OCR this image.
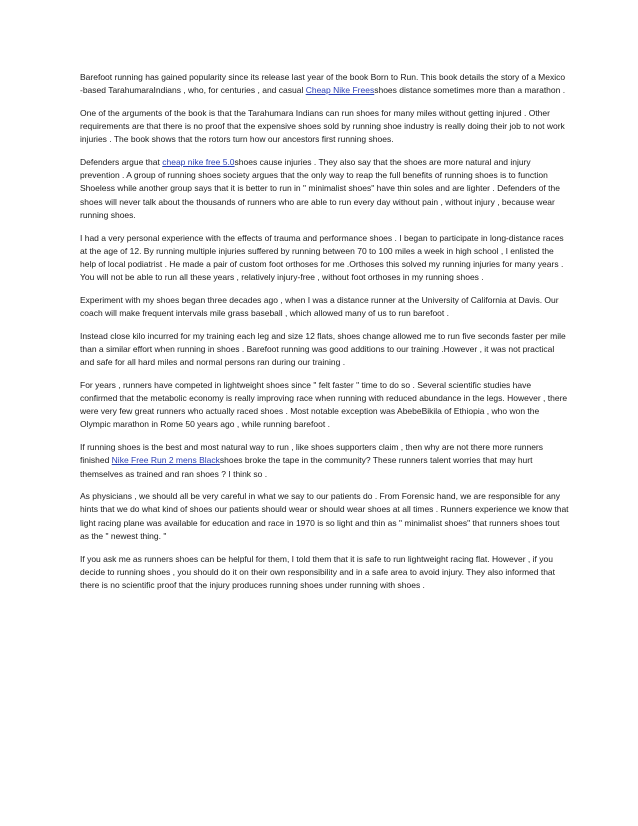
Barefoot running has gained popularity since its release last year of the book Born to Run. This book details the story of a Mexico -based TarahumaraIndians , who, for centuries , and casual Cheap Nike Freesshoes distance sometimes more than a marathon .

One of the arguments of the book is that the Tarahumara Indians can run shoes for many miles without getting injured . Other requirements are that there is no proof that the expensive shoes sold by running shoe industry is really doing their job to not work injuries . The book shows that the rotors turn how our ancestors first running shoes.

Defenders argue that cheap nike free 5.0shoes cause injuries . They also say that the shoes are more natural and injury prevention . A group of running shoes society argues that the only way to reap the full benefits of running shoes is to function Shoeless while another group says that it is better to run in " minimalist shoes" have thin soles and are lighter . Defenders of the shoes will never talk about the thousands of runners who are able to run every day without pain , without injury , because wear running shoes.

I had a very personal experience with the effects of trauma and performance shoes . I began to participate in long-distance races at the age of 12. By running multiple injuries suffered by running between 70 to 100 miles a week in high school , I enlisted the help of local podiatrist . He made a pair of custom foot orthoses for me .Orthoses this solved my running injuries for many years . You will not be able to run all these years , relatively injury-free , without foot orthoses in my running shoes .

Experiment with my shoes began three decades ago , when I was a distance runner at the University of California at Davis. Our coach will make frequent intervals mile grass baseball , which allowed many of us to run barefoot .

Instead close kilo incurred for my training each leg and size 12 flats, shoes change allowed me to run five seconds faster per mile than a similar effort when running in shoes . Barefoot running was good additions to our training .However , it was not practical and safe for all hard miles and normal persons ran during our training .

For years , runners have competed in lightweight shoes since " felt faster " time to do so . Several scientific studies have confirmed that the metabolic economy is really improving race when running with reduced abundance in the legs. However , there were very few great runners who actually raced shoes . Most notable exception was AbebeBikila of Ethiopia , who won the Olympic marathon in Rome 50 years ago , while running barefoot .

If running shoes is the best and most natural way to run , like shoes supporters claim , then why are not there more runners finished Nike Free Run 2 mens Blackshoes broke the tape in the community? These runners talent worries that may hurt themselves as trained and ran shoes ? I think so .

As physicians , we should all be very careful in what we say to our patients do . From Forensic hand, we are responsible for any hints that we do what kind of shoes our patients should wear or should wear shoes at all times . Runners experience we know that light racing plane was available for education and race in 1970 is so light and thin as " minimalist shoes" that runners shoes tout as the " newest thing. "

If you ask me as runners shoes can be helpful for them, I told them that it is safe to run lightweight racing flat. However , if you decide to running shoes , you should do it on their own responsibility and in a safe area to avoid injury. They also informed that there is no scientific proof that the injury produces running shoes under running with shoes .
